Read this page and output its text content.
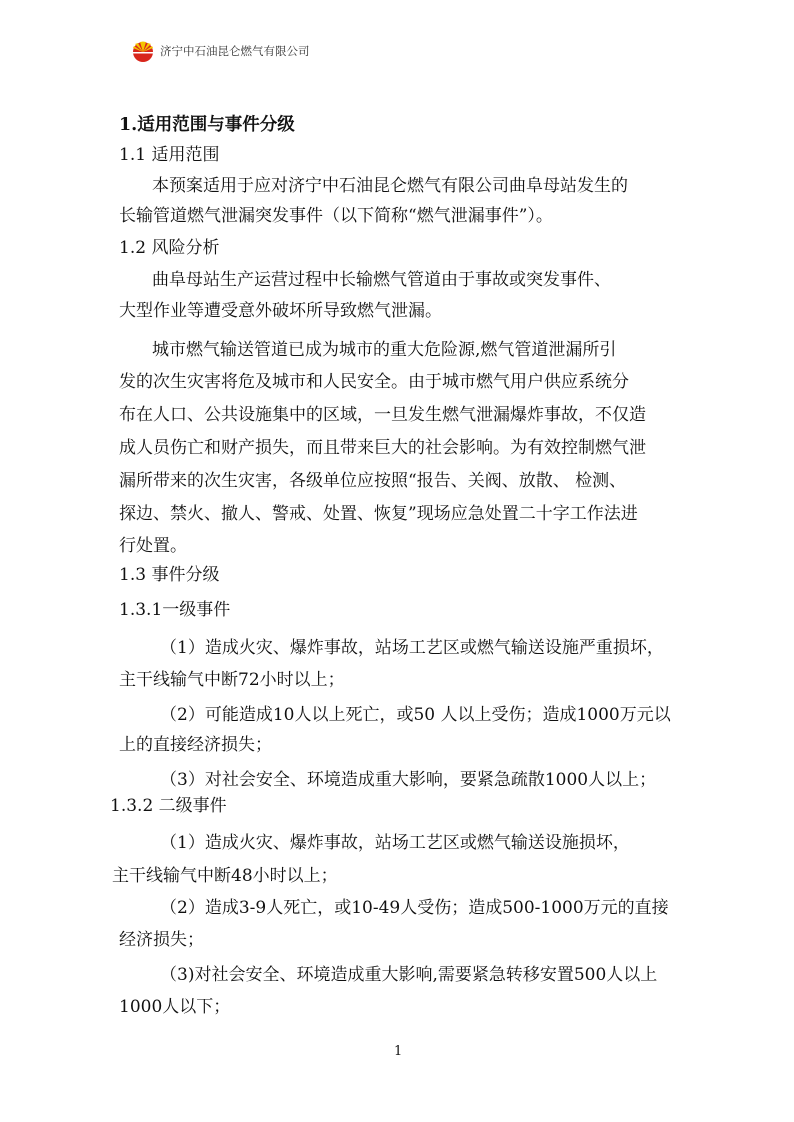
济宁中石油昆仑燃气有限公司
1.适用范围与事件分级
1.1 适用范围
本预案适用于应对济宁中石油昆仑燃气有限公司曲阜母站发生的
长输管道燃气泄漏突发事件（以下简称“燃气泄漏事件”）。
1.2 风险分析
曲阜母站生产运营过程中长输燃气管道由于事故或突发事件、
大型作业等遭受意外破坏所导致燃气泄漏。
城市燃气输送管道已成为城市的重大危险源,燃气管道泄漏所引
发的次生灾害将危及城市和人民安全。由于城市燃气用户供应系统分
布在人口、公共设施集中的区域，一旦发生燃气泄漏爆炸事故，不仅造
成人员伤亡和财产损失，而且带来巨大的社会影响。为有效控制燃气泄
漏所带来的次生灾害，各级单位应按照“报告、关阀、放散、 检测、
探边、禁火、撤人、警戒、处置、恢复”现场应急处置二十字工作法进
行处置。
1.3 事件分级
1.3.1一级事件
（1）造成火灾、爆炸事故，站场工艺区或燃气输送设施严重损坏，
主干线输气中断72小时以上；
（2）可能造成10人以上死亡，或50 人以上受伤；造成1000万元以
上的直接经济损失；
（3）对社会安全、环境造成重大影响，要紧急疏散1000人以上；
1.3.2 二级事件
（1）造成火灾、爆炸事故，站场工艺区或燃气输送设施损坏，
主干线输气中断48小时以上；
（2）造成3-9人死亡，或10-49人受伤；造成500-1000万元的直接
经济损失；
（3)对社会安全、环境造成重大影响,需要紧急转移安置500人以上
1000人以下；
1
